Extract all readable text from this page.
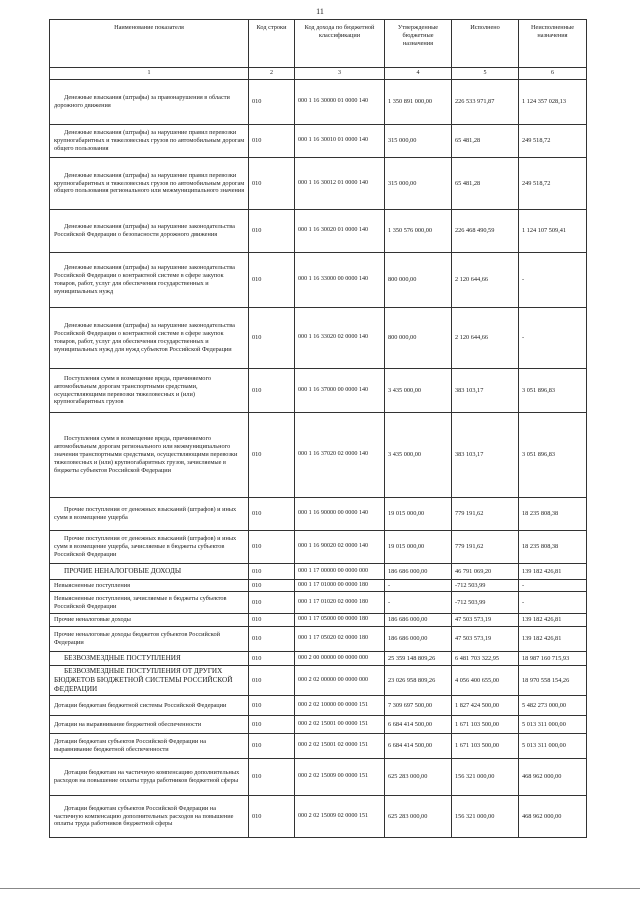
11
Наименование показателя	Код строки	Код дохода по бюджетной классификации	Утвержденные бюджетные назначения	Исполнено	Неисполненные назначения
1	2	3	4	5	6
Денежные взыскания (штрафы) за правонарушения в области дорожного движения	010	000 1 16 30000 01 0000 140	1 350 891 000,00	226 533 971,87	1 124 357 028,13
Денежные взыскания (штрафы) за нарушение правил перевозки крупногабаритных и тяжеловесных грузов по автомобильным дорогам общего пользования	010	000 1 16 30010 01 0000 140	315 000,00	65 481,28	249 518,72
Денежные взыскания (штрафы) за нарушение правил перевозки крупногабаритных и тяжеловесных грузов по автомобильным дорогам общего пользования регионального или межмуниципального значения	010	000 1 16 30012 01 0000 140	315 000,00	65 481,28	249 518,72
Денежные взыскания (штрафы) за нарушение законодательства Российской Федерации о безопасности дорожного движения	010	000 1 16 30020 01 0000 140	1 350 576 000,00	226 468 490,59	1 124 107 509,41
Денежные взыскания (штрафы) за нарушение законодательства Российской Федерации о контрактной системе в сфере закупок товаров, работ, услуг для обеспечения государственных и муниципальных нужд	010	000 1 16 33000 00 0000 140	800 000,00	2 120 644,66	-
Денежные взыскания (штрафы) за нарушение законодательства Российской Федерации о контрактной системе в сфере закупок товаров, работ, услуг для обеспечения государственных и муниципальных нужд для нужд субъектов Российской Федерации	010	000 1 16 33020 02 0000 140	800 000,00	2 120 644,66	-
Поступления сумм в возмещение вреда, причиняемого автомобильным дорогам транспортными средствами, осуществляющими перевозки тяжеловесных и (или) крупногабаритных грузов	010	000 1 16 37000 00 0000 140	3 435 000,00	383 103,17	3 051 896,83
Поступления сумм в возмещение вреда, причиняемого автомобильным дорогам регионального или межмуниципального значения транспортными средствами, осуществляющими перевозки тяжеловесных и (или) крупногабаритных грузов, зачисляемые в бюджеты субъектов Российской Федерации	010	000 1 16 37020 02 0000 140	3 435 000,00	383 103,17	3 051 896,83
Прочие поступления от денежных взысканий (штрафов) и иных сумм в возмещение ущерба	010	000 1 16 90000 00 0000 140	19 015 000,00	779 191,62	18 235 808,38
Прочие поступления от денежных взысканий (штрафов) и иных сумм в возмещение ущерба, зачисляемые в бюджеты субъектов Российской Федерации	010	000 1 16 90020 02 0000 140	19 015 000,00	779 191,62	18 235 808,38
ПРОЧИЕ НЕНАЛОГОВЫЕ ДОХОДЫ	010	000 1 17 00000 00 0000 000	186 686 000,00	46 791 069,20	139 182 426,81
Невыясненные поступления	010	000 1 17 01000 00 0000 180	-	-712 503,99	-
Невыясненные поступления, зачисляемые в бюджеты субъектов Российской Федерации	010	000 1 17 01020 02 0000 180	-	-712 503,99	-
Прочие неналоговые доходы	010	000 1 17 05000 00 0000 180	186 686 000,00	47 503 573,19	139 182 426,81
Прочие неналоговые доходы бюджетов субъектов Российской Федерации	010	000 1 17 05020 02 0000 180	186 686 000,00	47 503 573,19	139 182 426,81
БЕЗВОЗМЕЗДНЫЕ ПОСТУПЛЕНИЯ	010	000 2 00 00000 00 0000 000	25 359 148 809,26	6 481 703 322,95	18 987 160 715,93
БЕЗВОЗМЕЗДНЫЕ ПОСТУПЛЕНИЯ ОТ ДРУГИХ БЮДЖЕТОВ БЮДЖЕТНОЙ СИСТЕМЫ РОССИЙСКОЙ ФЕДЕРАЦИИ	010	000 2 02 00000 00 0000 000	23 026 958 809,26	4 056 400 655,00	18 970 558 154,26
Дотации бюджетам бюджетной системы Российской Федерации	010	000 2 02 10000 00 0000 151	7 309 697 500,00	1 827 424 500,00	5 482 273 000,00
Дотации на выравнивание бюджетной обеспеченности	010	000 2 02 15001 00 0000 151	6 684 414 500,00	1 671 103 500,00	5 013 311 000,00
Дотации бюджетам субъектов Российской Федерации на выравнивание бюджетной обеспеченности	010	000 2 02 15001 02 0000 151	6 684 414 500,00	1 671 103 500,00	5 013 311 000,00
Дотации бюджетам на частичную компенсацию дополнительных расходов на повышение оплаты труда работников бюджетной сферы	010	000 2 02 15009 00 0000 151	625 283 000,00	156 321 000,00	468 962 000,00
Дотации бюджетам субъектов Российской Федерации на частичную компенсацию дополнительных расходов на повышение оплаты труда работников бюджетной сферы	010	000 2 02 15009 02 0000 151	625 283 000,00	156 321 000,00	468 962 000,00
